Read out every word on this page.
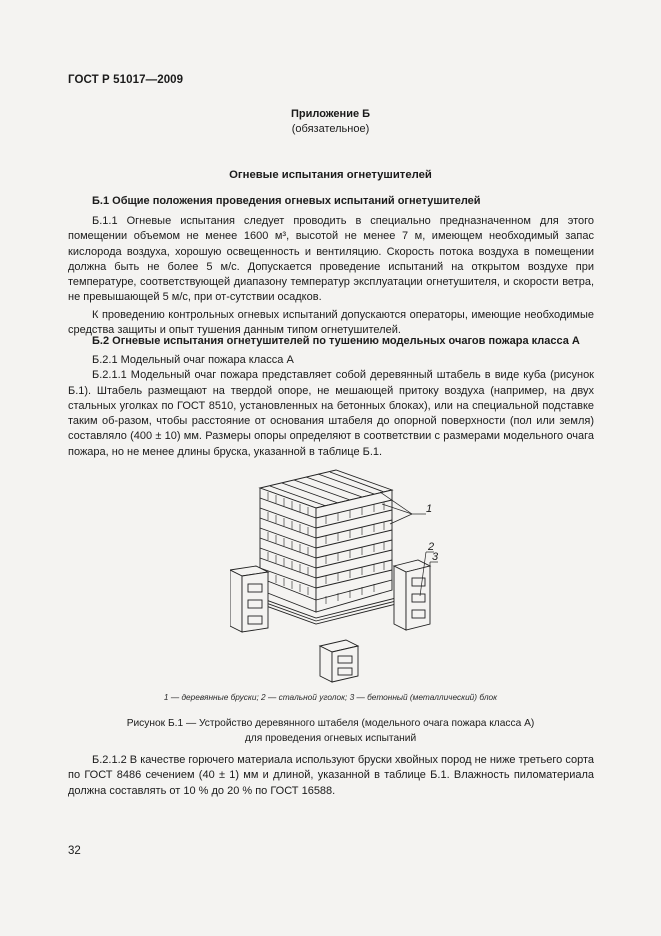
ГОСТ Р 51017—2009
Приложение Б
(обязательное)
Огневые испытания огнетушителей
Б.1 Общие положения проведения огневых испытаний огнетушителей

Б.1.1 Огневые испытания следует проводить в специально предназначенном для этого помещении объемом не менее 1600 м³, высотой не менее 7 м, имеющем необходимый запас кислорода воздуха, хорошую освещенность и вентиляцию. Скорость потока воздуха в помещении должна быть не более 5 м/с. Допускается проведение испытаний на открытом воздухе при температуре, соответствующей диапазону температур эксплуатации огнетушителя, и скорости ветра, не превышающей 5 м/с, при от-сутствии осадков.

К проведению контрольных огневых испытаний допускаются операторы, имеющие необходимые средства защиты и опыт тушения данным типом огнетушителей.

Б.2 Огневые испытания огнетушителей по тушению модельных очагов пожара класса А

Б.2.1 Модельный очаг пожара класса А

Б.2.1.1 Модельный очаг пожара представляет собой деревянный штабель в виде куба (рисунок Б.1). Штабель размещают на твердой опоре, не мешающей притоку воздуха (например, на двух стальных уголках по ГОСТ 8510, установленных на бетонных блоках), или на специальной подставке таким об-разом, чтобы расстояние от основания штабеля до опорной поверхности (пол или земля) составляло (400 ± 10) мм. Размеры опоры определяют в соответствии с размерами модельного очага пожара, но не менее длины бруска, указанной в таблице Б.1.

1
2
3
1 — деревянные бруски; 2 — стальной уголок; 3 — бетонный (металлический) блок
Рисунок Б.1 — Устройство деревянного штабеля (модельного очага пожара класса А)
для проведения огневых испытаний

Б.2.1.2 В качестве горючего материала используют бруски хвойных пород не ниже третьего сорта по ГОСТ 8486 сечением (40 ± 1) мм и длиной, указанной в таблице Б.1. Влажность пиломатериала должна составлять от 10 % до 20 % по ГОСТ 16588.

32
